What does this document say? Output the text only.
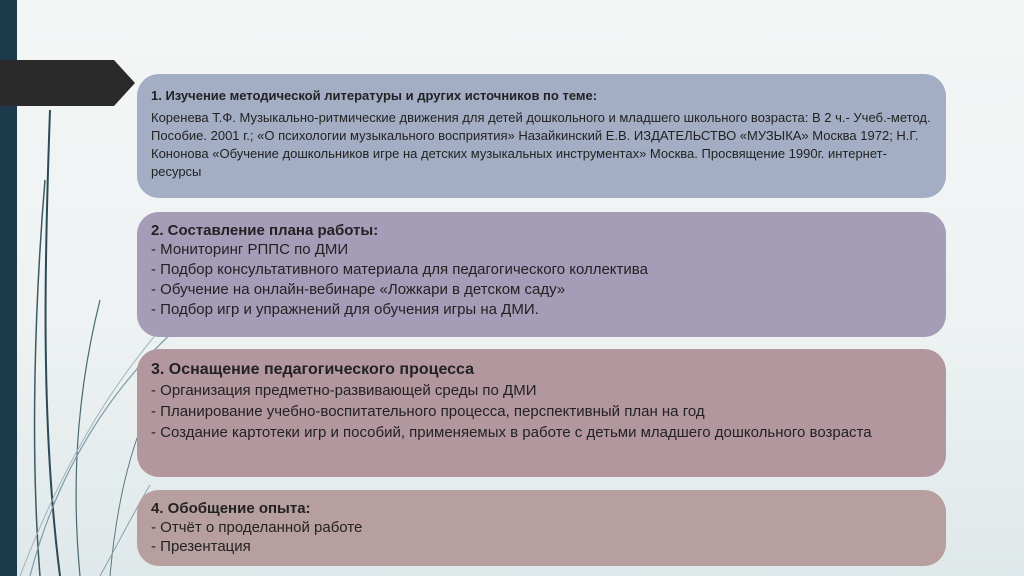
1. Изучение методической литературы и других источников по теме:
Коренева Т.Ф. Музыкально-ритмические движения для детей дошкольного и младшего школьного возраста: В 2 ч.- Учеб.-метод. Пособие. 2001 г.; «О психологии музыкального восприятия» Назайкинский Е.В. ИЗДАТЕЛЬСТВО «МУЗЫКА» Москва 1972; Н.Г. Кононова «Обучение дошкольников игре на детских музыкальных инструментах» Москва. Просвящение 1990г. интернет-ресурсы
2. Составление плана работы:
- Мониторинг РППС по ДМИ
- Подбор консультативного материала для педагогического коллектива
- Обучение на онлайн-вебинаре «Ложкари в детском саду»
- Подбор игр и упражнений для обучения игры на ДМИ.
3. Оснащение педагогического процесса
- Организация предметно-развивающей среды по ДМИ
- Планирование учебно-воспитательного процесса, перспективный план на год
- Создание картотеки игр и пособий, применяемых в работе с детьми младшего дошкольного возраста
4. Обобщение опыта:
- Отчёт о проделанной работе
- Презентация
